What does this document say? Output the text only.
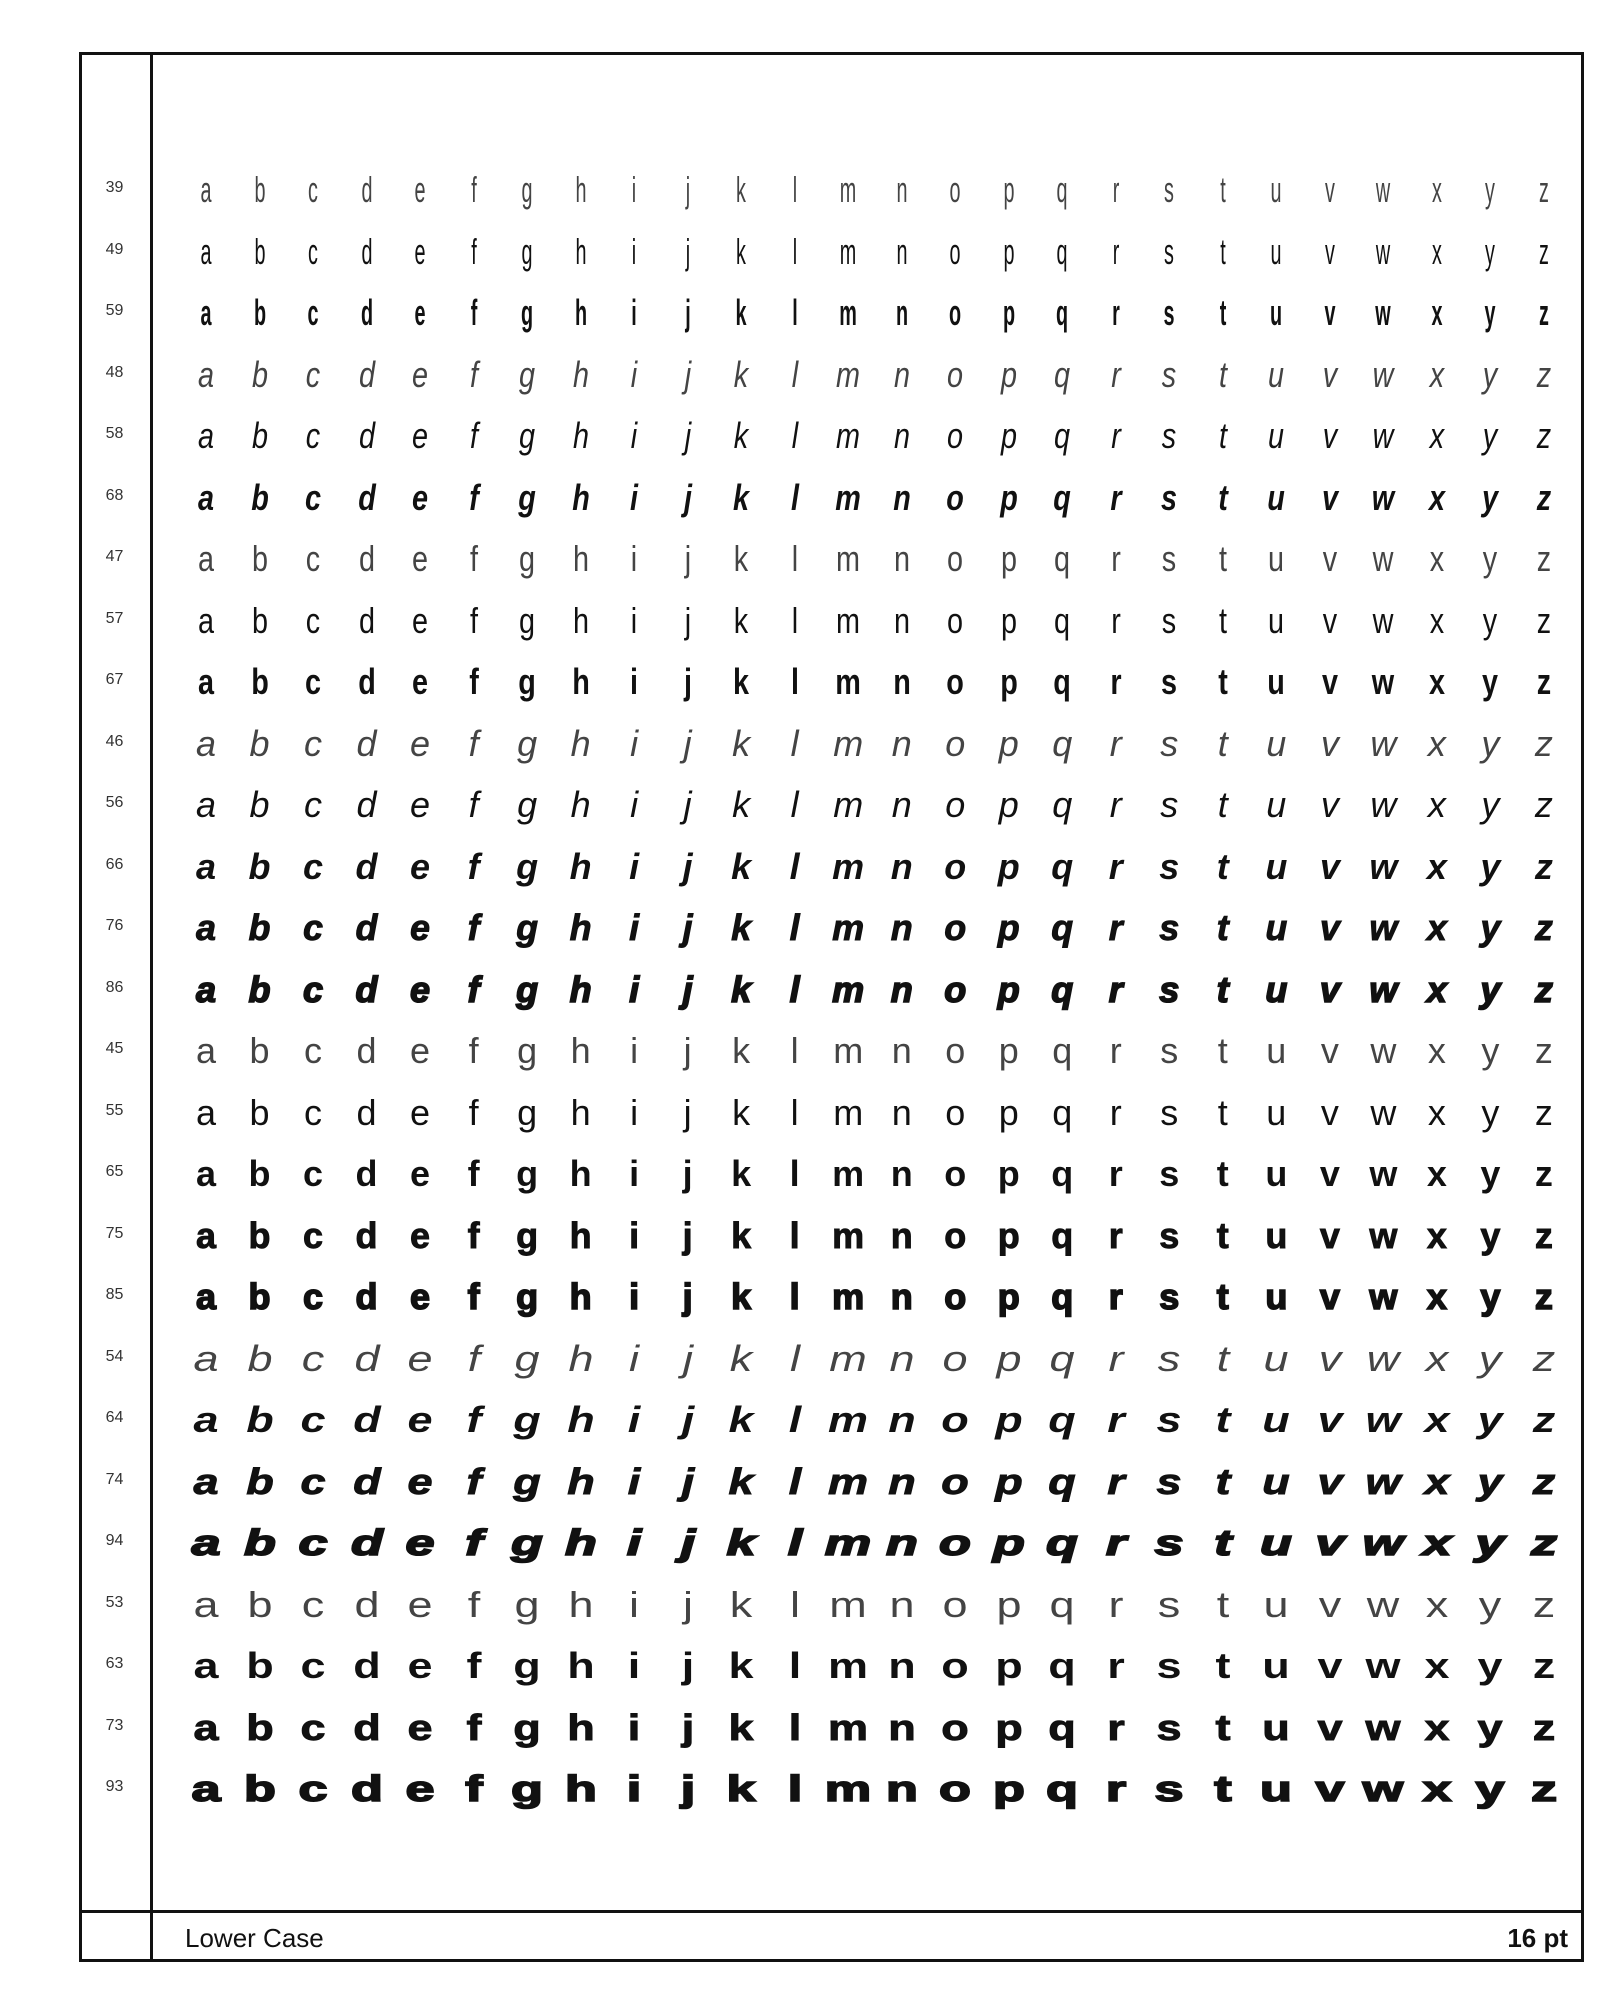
39	a b c d e f g h i j k l m n o p q r s t u v w x y z
49	a b c d e f g h i j k l m n o p q r s t u v w x y z
59	a b c d e f g h i j k l m n o p q r s t u v w x y z
48	a b c d e	f	g h	i	j	k	l	m n o p q	r	s	t	u v w x y z
58	a b c d e	f	g h	i	j	k	l	m n o p q	r	s	t	u v w x y z
68	a b c d e	f	g h	i	j	k	l	m n o p q	r	s	t	u v w x y z
47	a b c d e	f	g h	i	j	k	l	m n o p q	r	s	t	u v w x y z
57	a b c d e	f	g h	i	j	k	l	m n o p q	r	s	t	u v w x y z
67	a b c d e	f	g h	i	j	k	l	m n o p q	r	s	t	u v w x y z
46	a b c d e	f	g h	i	j	k	l m n o p q	r	s	t	u v w x y z
56	a b c d e	f	g h	i	j	k	l m n o p q	r	s	t	u v w x y z
66	a b c d e	f	g h	i	j	k	l m n o p q r	s	t	u v w x y z
76	a b c d e	f	g h	i	j	k	l m n o p q r	s	t	u v w x y z
86	a b c d e	f	g h	i	j	k	l m n o p q r	s	t	u v w x y z
45	a b c d e	f	g h	i	j	k	l m n o p q	r	s	t	u v w x y z
55	a b c d e	f	g h	i	j	k	l m n o p q	r	s	t	u v w x y z
65	a b c d e	f	g h	i	j	k	l m n o p q r	s	t	u v w x y z
75	a b c d e	f	g h	i	j	k	l m n o p q r	s	t	u v w x y z
85	a b c d e	f	g h	i	j	k	l m n o p q r	s	t	u v w x y z
54	a b c d e f g h i	j	k	l m n o p q r s t u v w x y z
64	a b c d e f g h i	j k l m n o p q r s t u v w x y z
74	a b c d e f g h i	j k l m n o p q r s t u v w x y z
94	a b c d e f g h i	j k l m n o p q r s t u v w x y z
53	a b c d e f g h i	j	k	l m n o p q r s t u v w x y z
63	a b c d e f g h i	j k l m n o p q r s t u v w x y z
73	a b c d e f g h i	j k l m n o p q r s t u v w x y z
93	a b c d e f g h i	j k l m n o p q r s t u v w x y z
Lower Case	16 pt
